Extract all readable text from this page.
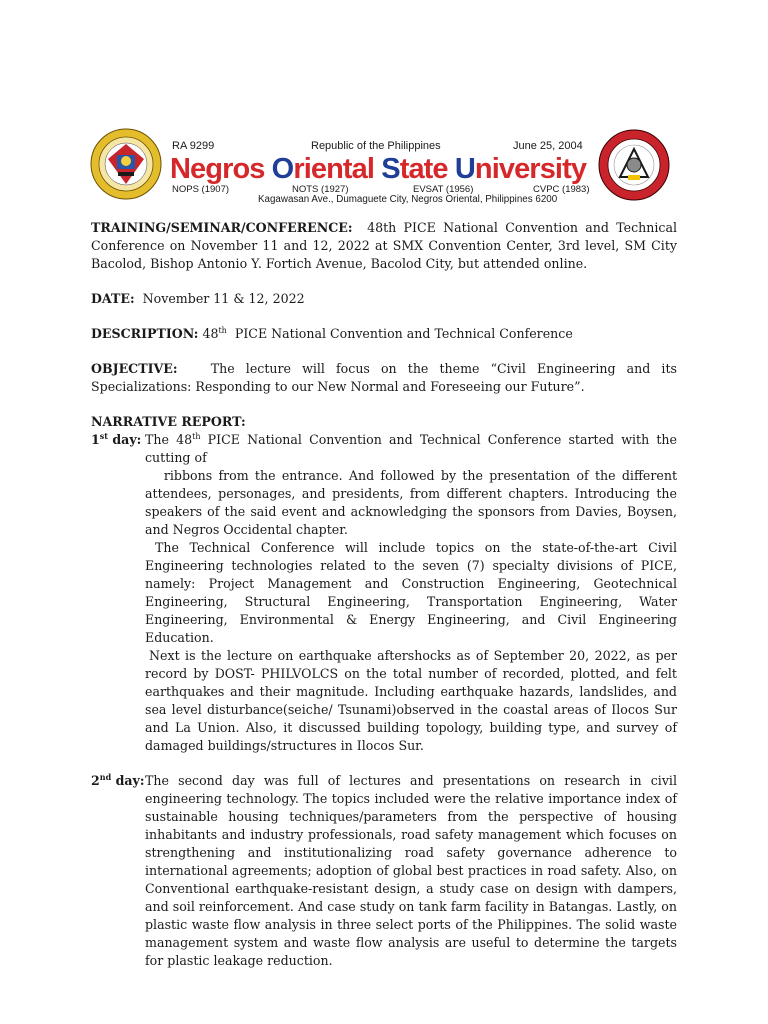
RA 9299	Republic of the Philippines	June 25, 2004
Negros Oriental State University
NOPS (1907)	NOTS (1927)	EVSAT (1956)	CVPC (1983)
Kagawasan Ave., Dumaguete City, Negros Oriental, Philippines 6200

TRAINING/SEMINAR/CONFERENCE: 48th PICE National Convention and Technical Conference on November 11 and 12, 2022 at SMX Convention Center, 3rd level, SM City Bacolod, Bishop Antonio Y. Fortich Avenue, Bacolod City, but attended online.

DATE: November 11 & 12, 2022

DESCRIPTION: 48th PICE National Convention and Technical Conference

OBJECTIVE:	The lecture will focus on the theme “Civil Engineering and its Specializations: Responding to our New Normal and Foreseeing our Future”.

NARRATIVE REPORT:

1st day: The 48th PICE National Convention and Technical Conference started with the cutting of
ribbons from the entrance. And followed by the presentation of the different attendees, personages, and presidents, from different chapters. Introducing the speakers of the said event and acknowledging the sponsors from Davies, Boysen, and Negros Occidental chapter.

The Technical Conference will include topics on the state-of-the-art Civil Engineering technologies related to the seven (7) specialty divisions of PICE, namely: Project Management and Construction Engineering, Geotechnical Engineering, Structural Engineering, Transportation Engineering, Water Engineering, Environmental & Energy Engineering, and Civil Engineering Education.

Next is the lecture on earthquake aftershocks as of September 20, 2022, as per record by DOST- PHILVOLCS on the total number of recorded, plotted, and felt earthquakes and their magnitude. Including earthquake hazards, landslides, and sea level disturbance(seiche/ Tsunami)observed in the coastal areas of Ilocos Sur and La Union. Also, it discussed building topology, building type, and survey of damaged buildings/structures in Ilocos Sur.

2nd day: The second day was full of lectures and presentations on research in civil engineering technology. The topics included were the relative importance index of sustainable housing techniques/parameters from the perspective of housing inhabitants and industry professionals, road safety management which focuses on strengthening and institutionalizing road safety governance adherence to international agreements; adoption of global best practices in road safety. Also, on Conventional earthquake-resistant design, a study case on design with dampers, and soil reinforcement. And case study on tank farm facility in Batangas. Lastly, on plastic waste flow analysis in three select ports of the Philippines. The solid waste management system and waste flow analysis are useful to determine the targets for plastic leakage reduction.
